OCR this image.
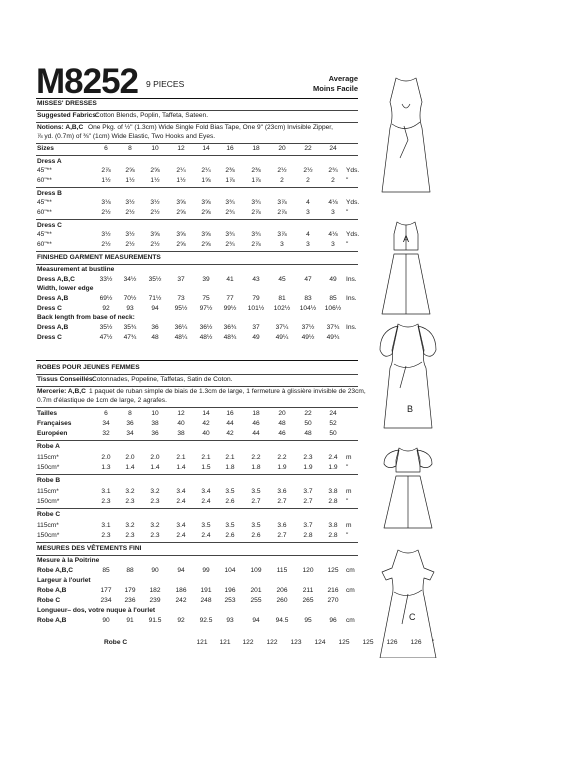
M8252 9 PIECES
Average
Moins Facile
MISSES' DRESSES
Suggested Fabrics:
Cotton Blends, Poplin, Taffeta, Sateen.
Notions: A,B,C One Pkg. of ½" (1.3cm) Wide Single Fold Bias Tape, One 9" (23cm) Invisible Zipper,
⅞ yd. (0.7m) of ⅜" (1cm) Wide Elastic, Two Hooks and Eyes.
Sizes	6	8	10	12	14	16	18	20	22	24
Dress A
45"**	2⅞	2⅝	2⅝	2¼	2¼	2⅜	2⅜	2½	2½	2¾	Yds.
60"**	1½	1½	1½	1½	1⅝	1⅞	1⅞	2	2	2	"
Dress B
45"**	3⅛	3½	3½	3⅝	3⅝	3¾	3¾	3⅞	4	4⅛	Yds.
60"**	2½	2½	2½	2⅝	2⅝	2¾	2⅞	2⅞	3	3	"
Dress C
45"**	3½	3½	3⅝	3⅝	3⅝	3¾	3¾	3⅞	4	4⅛	Yds.
60"**	2½	2½	2½	2⅝	2⅝	2¾	2⅞	3	3	3	"
FINISHED GARMENT MEASUREMENTS
Measurement at bustline
Dress A,B,C	33½	34½	35½	37	39	41	43	45	47	49	Ins.
Width, lower edge
Dress A,B	69½	70½	71½	73	75	77	79	81	83	85	Ins.
Dress C	92	93	94	95½	97½	99½	101½ 102½ 104½ 106½
Back length from base of neck:
Dress A,B	35½	35¾	36	36¼	36½	36¾	37	37¼	37½	37¾ Ins.
Dress C	47½	47¾	48	48¼	48½	48¾	49	49¼	49½	49¾
ROBES POUR JEUNES FEMMES
Tissus Conseillés:
Cotonnades, Popeline, Taffetas, Satin de Coton.
Mercerie: A,B,C 1 paquet de ruban simple de biais de 1.3cm de large, 1 fermeture à glissière invisible de 23cm,
0.7m d'élastique de 1cm de large, 2 agrafes.
Tailles	6	8	10	12	14	16	18	20	22	24
Françaises	34	36	38	40	42	44	46	48	50	52
Européen	32	34	36	38	40	42	44	46	48	50
Robe A
115cm*	2.0	2.0	2.0	2.1	2.1	2.1	2.2	2.2	2.3	2.4	m
150cm*	1.3	1.4	1.4	1.4	1.5	1.8	1.8	1.9	1.9	1.9	"
Robe B
115cm*	3.1	3.2	3.2	3.4	3.4	3.5	3.5	3.6	3.7	3.8	m
150cm*	2.3	2.3	2.3	2.4	2.4	2.6	2.7	2.7	2.7	2.8	"
Robe C
115cm*	3.1	3.2	3.2	3.4	3.5	3.5	3.5	3.6	3.7	3.8	m
150cm*	2.3	2.3	2.3	2.4	2.4	2.6	2.6	2.7	2.8	2.8	"
MESURES DES VÊTEMENTS FINI
Mesure à la Poitrine
Robe A,B,C	85	88	90	94	99	104	109	115	120	125	cm
Largeur à l'ourlet
Robe A,B	177	179	182	186	191	196	201	206	211	216	cm
Robe C	234	236	239	242	248	253	255	260	265	270
Longueur– dos, votre nuque à l'ourlet
Robe A,B	90	91	91.5	92	92.5	93	94	94.5	95	96	cm
Robe C	121	121	122	122	123	124	125	125	126	126	"
A
B
C
